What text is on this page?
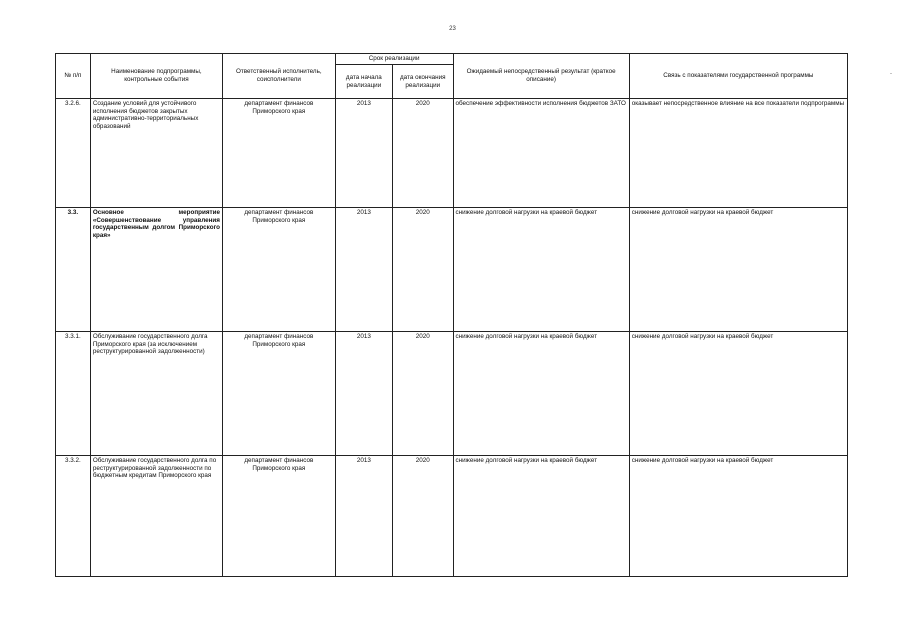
23
-
№ п/п	Наименование подпрограммы, контрольные события	Ответственный исполнитель, соисполнители	Срок реализации		Ожидаемый непосредственный результат (краткое описание)	Связь с показателями государственной программы
			дата начала реализации	дата окончания реализации		
3.2.6.	Создание условий для устойчивого исполнения бюджетов закрытых административно-территориальных образований	департамент финансов Приморского края	2013	2020	обеспечение эффективности исполнения бюджетов ЗАТО	оказывает непосредственное влияние на все показатели подпрограммы
3.3.	Основное мероприятие «Совершенствование управления государственным долгом Приморского края»	департамент финансов Приморского края	2013	2020	снижение долговой нагрузки на краевой бюджет	снижение долговой нагрузки на краевой бюджет
3.3.1.	Обслуживание государственного долга Приморского края (за исключением реструктурированной задолженности)	департамент финансов Приморского края	2013	2020	снижение долговой нагрузки на краевой бюджет	снижение долговой нагрузки на краевой бюджет
3.3.2.	Обслуживание государственного долга по реструктурированной задолженности по бюджетным кредитам Приморского края	департамент финансов Приморского края	2013	2020	снижение долговой нагрузки на краевой бюджет	снижение долговой нагрузки на краевой бюджет
